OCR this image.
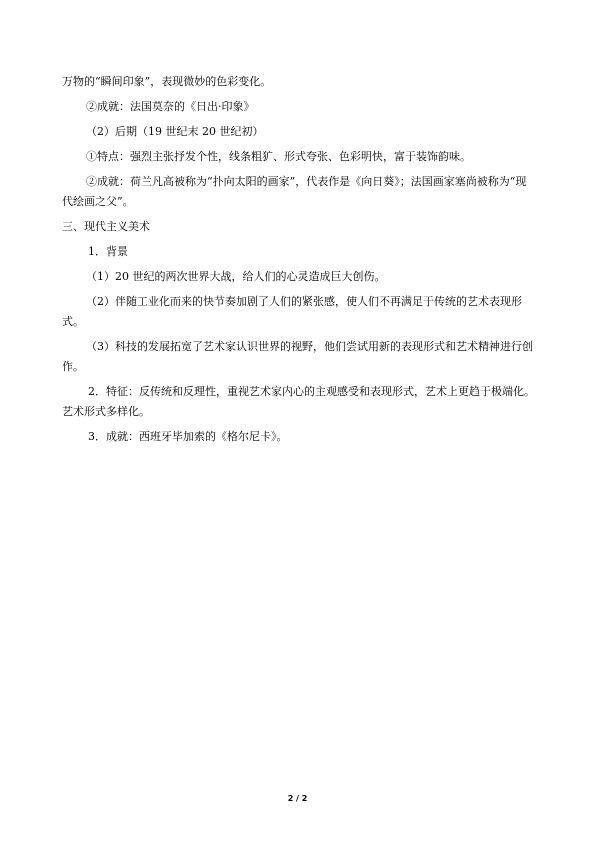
万物的“瞬间印象”，表现微妙的色彩变化。

②成就：法国莫奈的《日出·印象》

（2）后期（19 世纪末 20 世纪初）

①特点：强烈主张抒发个性，线条粗犷、形式夸张、色彩明快，富于装饰韵味。

②成就：荷兰凡高被称为“扑向太阳的画家”，代表作是《向日葵》；法国画家塞尚被称为“现代绘画之父”。

三、现代主义美术

1．背景

（1）20 世纪的两次世界大战，给人们的心灵造成巨大创伤。

（2）伴随工业化而来的快节奏加剧了人们的紧张感，使人们不再满足于传统的艺术表现形式。

（3）科技的发展拓宽了艺术家认识世界的视野，他们尝试用新的表现形式和艺术精神进行创作。

2．特征：反传统和反理性，重视艺术家内心的主观感受和表现形式，艺术上更趋于极端化。艺术形式多样化。

3．成就：西班牙毕加索的《格尔尼卡》。

2 / 2
